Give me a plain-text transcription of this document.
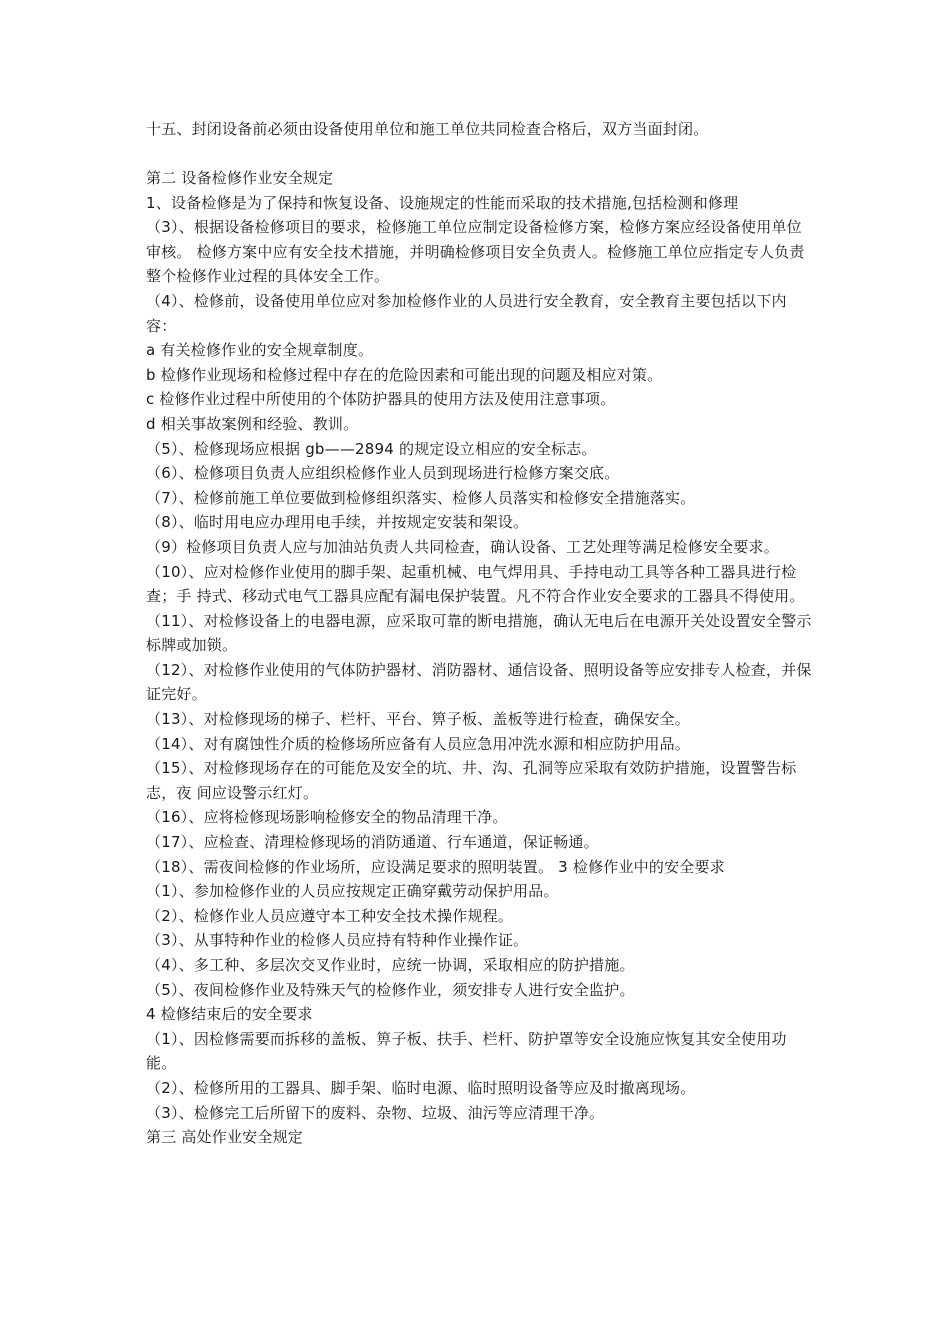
十五、封闭设备前必须由设备使用单位和施工单位共同检查合格后，双方当面封闭。

第二 设备检修作业安全规定

1、设备检修是为了保持和恢复设备、设施规定的性能而采取的技术措施,包括检测和修理

（3）、根据设备检修项目的要求，检修施工单位应制定设备检修方案，检修方案应经设备使用单位审核。 检修方案中应有安全技术措施，并明确检修项目安全负责人。检修施工单位应指定专人负责整个检修作业过程的具体安全工作。

（4）、检修前，设备使用单位应对参加检修作业的人员进行安全教育，安全教育主要包括以下内容：

a 有关检修作业的安全规章制度。

b 检修作业现场和检修过程中存在的危险因素和可能出现的问题及相应对策。

c 检修作业过程中所使用的个体防护器具的使用方法及使用注意事项。

d 相关事故案例和经验、教训。

（5）、检修现场应根据 gb——2894 的规定设立相应的安全标志。

（6）、检修项目负责人应组织检修作业人员到现场进行检修方案交底。

（7）、检修前施工单位要做到检修组织落实、检修人员落实和检修安全措施落实。

（8）、临时用电应办理用电手续，并按规定安装和架设。

（9）检修项目负责人应与加油站负责人共同检查，确认设备、工艺处理等满足检修安全要求。

（10）、应对检修作业使用的脚手架、起重机械、电气焊用具、手持电动工具等各种工器具进行检查；手 持式、移动式电气工器具应配有漏电保护装置。凡不符合作业安全要求的工器具不得使用。

（11）、对检修设备上的电器电源，应采取可靠的断电措施，确认无电后在电源开关处设置安全警示标牌或加锁。

（12）、对检修作业使用的气体防护器材、消防器材、通信设备、照明设备等应安排专人检查，并保证完好。

（13）、对检修现场的梯子、栏杆、平台、箅子板、盖板等进行检查，确保安全。

（14）、对有腐蚀性介质的检修场所应备有人员应急用冲洗水源和相应防护用品。

（15）、对检修现场存在的可能危及安全的坑、井、沟、孔洞等应采取有效防护措施，设置警告标志，夜 间应设警示红灯。

（16）、应将检修现场影响检修安全的物品清理干净。

（17）、应检查、清理检修现场的消防通道、行车通道，保证畅通。

（18）、需夜间检修的作业场所，应设满足要求的照明装置。 3 检修作业中的安全要求

（1）、参加检修作业的人员应按规定正确穿戴劳动保护用品。

（2）、检修作业人员应遵守本工种安全技术操作规程。

（3）、从事特种作业的检修人员应持有特种作业操作证。

（4）、多工种、多层次交叉作业时，应统一协调，采取相应的防护措施。

（5）、夜间检修作业及特殊天气的检修作业，须安排专人进行安全监护。

4 检修结束后的安全要求

（1）、因检修需要而拆移的盖板、箅子板、扶手、栏杆、防护罩等安全设施应恢复其安全使用功能。

（2）、检修所用的工器具、脚手架、临时电源、临时照明设备等应及时撤离现场。

（3）、检修完工后所留下的废料、杂物、垃圾、油污等应清理干净。

第三 高处作业安全规定
